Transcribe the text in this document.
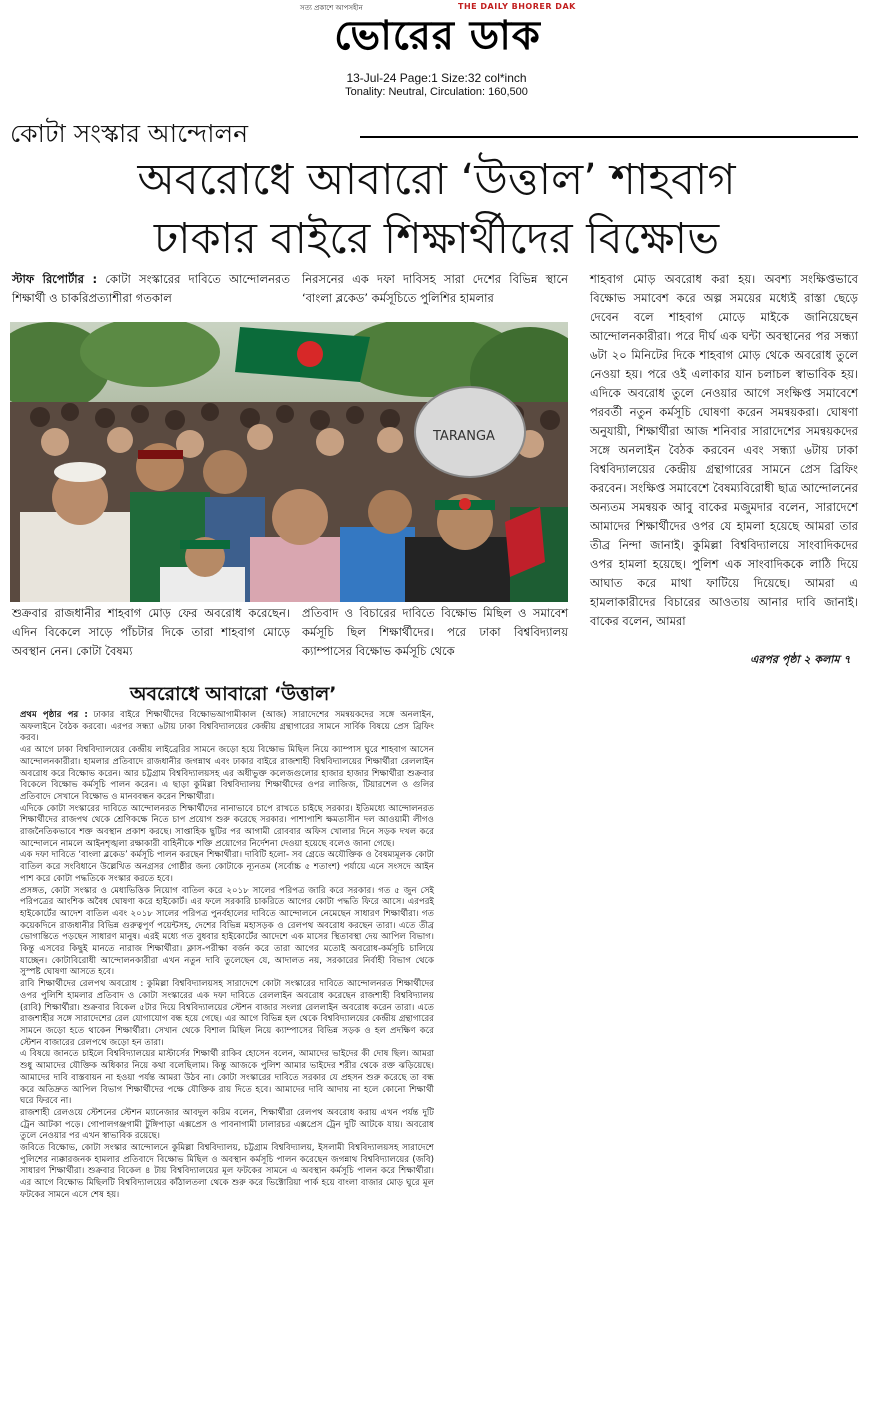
সত্য প্রকাশে আপসহীন	THE DAILY BHORER DAK
ভোরের ডাক
13-Jul-24 Page:1 Size:32 col*inch
Tonality: Neutral, Circulation: 160,500
কোটা সংস্কার আন্দোলন
অবরোধে আবারো ‘উত্তাল’ শাহবাগ
ঢাকার বাইরে শিক্ষার্থীদের বিক্ষোভ
স্টাফ রিপোর্টার : কোটা সংস্কারের দাবিতে আন্দোলনরত শিক্ষার্থী ও চাকরিপ্রত্যাশীরা গতকাল
নিরসনের এক দফা দাবিসহ সারা দেশের বিভিন্ন স্থানে ‘বাংলা ব্লকেড’ কর্মসূচিতে পুলিশির হামলার
TARANGA
শাহবাগ মোড় অবরোধ করা হয়। অবশ্য সংক্ষিপ্তভাবে বিক্ষোভ সমাবেশ করে অল্প সময়ের মধ্যেই রাস্তা ছেড়ে দেবেন বলে শাহবাগ মোড়ে মাইকে জানিয়েছেন আন্দোলনকারীরা। পরে দীর্ঘ এক ঘন্টা অবস্থানের পর সন্ধ্যা ৬টা ২০ মিনিটের দিকে শাহবাগ মোড় থেকে অবরোধ তুলে নেওয়া হয়। পরে ওই এলাকার যান চলাচল স্বাভাবিক হয়। এদিকে অবরোধ তুলে নেওয়ার আগে সংক্ষিপ্ত সমাবেশে পরবর্তী নতুন কর্মসূচি ঘোষণা করেন সমন্বয়করা। ঘোষণা অনুযায়ী, শিক্ষার্থীরা আজ শনিবার সারাদেশের সমন্বয়কদের সঙ্গে অনলাইন বৈঠক করবেন এবং সন্ধ্যা ৬টায় ঢাকা বিশ্ববিদ্যালয়ের কেন্দ্রীয় গ্রন্থাগারের সামনে প্রেস ব্রিফিং করবেন। সংক্ষিপ্ত সমাবেশে বৈষম্যবিরোধী ছাত্র আন্দোলনের অন্যতম সমন্বয়ক আবু বাকের মজুমদার বলেন, সারাদেশে আমাদের শিক্ষার্থীদের ওপর যে হামলা হয়েছে আমরা তার তীব্র নিন্দা জানাই। কুমিল্লা বিশ্ববিদ্যালয়ে সাংবাদিকদের ওপর হামলা হয়েছে। পুলিশ এক সাংবাদিককে লাঠি দিয়ে আঘাত করে মাথা ফাটিয়ে দিয়েছে। আমরা এ হামলাকারীদের বিচারের আওতায় আনার দাবি জানাই। বাকের বলেন, আমরা
শুক্রবার রাজধানীর শাহবাগ মোড় ফের অবরোধ করেছেন। এদিন বিকেলে সাড়ে পাঁচটার দিকে তারা শাহবাগ মোড়ে অবস্থান নেন। কোটা বৈষম্য
প্রতিবাদ ও বিচারের দাবিতে বিক্ষোভ মিছিল ও সমাবেশ কর্মসূচি ছিল শিক্ষার্থীদের। পরে ঢাকা বিশ্ববিদ্যালয় ক্যাম্পাসের বিক্ষোভ কর্মসূচি থেকে
এরপর পৃষ্ঠা ২ কলাম ৭
অবরোধে আবারো ‘উত্তাল’

প্রথম পৃষ্ঠার পর : ঢাকার বাইরে শিক্ষার্থীদের বিক্ষোভআগামীকাল (আজ) সারাদেশের সমন্বয়কদের সঙ্গে অনলাইন, অফলাইনে বৈঠক করবো। এরপর সন্ধ্যা ৬টায় ঢাকা বিশ্ববিদ্যালয়ের কেন্দ্রীয় গ্রন্থাগারের সামনে সার্বিক বিষয়ে প্রেস ব্রিফিং করব।

এর আগে ঢাকা বিশ্ববিদ্যালয়ের কেন্দ্রীয় লাইব্রেরির সামনে জড়ো হয়ে বিক্ষোভ মিছিল নিয়ে ক্যাম্পাস ঘুরে শাহবাগ আসেন আন্দোলনকারীরা। হামলার প্রতিবাদে রাজধানীর জগন্নাথ এবং ঢাকার বাইরে রাজশাহী বিশ্ববিদ্যালয়ের শিক্ষার্থীরা রেললাইন অবরোধ করে বিক্ষোভ করেন। আর চট্টগ্রাম বিশ্ববিদ্যালয়সহ এর অধীভুক্ত কলেজগুলোর হাজার হাজার শিক্ষার্থীরা শুক্রবার বিকেলে বিক্ষোভ কর্মসূচি পালন করেন। এ ছাড়া কুমিল্লা বিশ্ববিদ্যালয় শিক্ষার্থীদের ওপর লাজিজ, টিয়ারশেল ও গুলির প্রতিবাদে সেখানে বিক্ষোভ ও মানববন্ধন করেন শিক্ষার্থীরা।

এদিকে কোটা সংস্কারের দাবিতে আন্দোলনরত শিক্ষার্থীদের নানাভাবে চাপে রাখতে চাইছে সরকার। ইতিমধ্যে আন্দোলনরত শিক্ষার্থীদের রাজপথ থেকে শ্রেণিকক্ষে নিতে চাপ প্রয়োগ শুরু করেছে সরকার। পাশাপাশি ক্ষমতাসীন দল আওয়ামী লীগও রাজনৈতিকভাবে শক্ত অবস্থান প্রকাশ করছে। সাপ্তাহিক ছুটির পর আগামী রোববার অফিস খোলার দিনে সড়ক দখল করে আন্দোলনে নামলে আইনশৃঙ্খলা রক্ষাকারী বাহিনীকে শক্তি প্রয়োগের নির্দেশনা দেওয়া হয়েছে বলেও জানা গেছে।

এক দফা দাবিতে ‘বাংলা ব্লকেড’ কর্মসূচি পালন করছেন শিক্ষার্থীরা। দাবিটি হলো- সব গ্রেডে অযৌক্তিক ও বৈষম্যমূলক কোটা বাতিল করে সংবিধানে উল্লেখিত অনগ্রসর গোষ্ঠীর জন্য কোটাকে ন্যূনতম (সর্বোচ্চ ৫ শতাংশ) পর্যায়ে এনে সংসদে আইন পাশ করে কোটা পদ্ধতিকে সংস্কার করতে হবে।

প্রসঙ্গত, কোটা সংস্কার ও মেধাভিত্তিক নিয়োগ বাতিল করে ২০১৮ সালের পরিপত্র জারি করে সরকার। গত ৫ জুন সেই পরিপত্রের আংশিক অবৈধ ঘোষণা করে হাইকোর্ট। এর ফলে সরকারি চাকরিতে আগের কোটা পদ্ধতি ফিরে আসে। এরপরই হাইকোর্টের আদেশ বাতিল এবং ২০১৮ সালের পরিপত্র পুনর্বহালের দাবিতে আন্দোলনে নেমেছেন সাধারণ শিক্ষার্থীরা। গত কয়েকদিনে রাজধানীর বিভিন্ন গুরুত্বপূর্ণ পয়েন্টসহ, দেশের বিভিন্ন মহাসড়ক ও রেলপথ অবরোধ করছেন তারা। এতে তীব্র ভোগান্তিতে পড়ছেন সাধারণ মানুষ। এরই মধ্যে গত বুধবার হাইকোর্টের আদেশে এক মাসের স্থিতাবস্থা দেয় আপিল বিভাগ। কিন্তু এসবের কিছুই মানতে নারাজ শিক্ষার্থীরা। ক্লাস-পরীক্ষা বর্জন করে তারা আগের মতোই অবরোধ-কর্মসূচি চালিয়ে যাচ্ছেন। কোটাবিরোধী আন্দোলনকারীরা এখন নতুন দাবি তুলেছেন যে, আদালত নয়, সরকারের নির্বাহী বিভাগ থেকে সুস্পষ্ট ঘোষণা আসতে হবে।

রাবি শিক্ষার্থীদের রেলপথ অবরোধ : কুমিল্লা বিশ্ববিদ্যালয়সহ সারাদেশে কোটা সংস্কারের দাবিতে আন্দোলনরত শিক্ষার্থীদের ওপর পুলিশি হামলার প্রতিবাদ ও কোটা সংস্কারের এক দফা দাবিতে রেললাইন অবরোধ করেছেন রাজশাহী বিশ্ববিদ্যালয় (রাবি) শিক্ষার্থীরা। শুক্রবার বিকেল ৫টার দিয়ে বিশ্ববিদ্যালয়ের স্টেশন বাজার সংলগ্ন রেললাইন অবরোধ করেন তারা। এতে রাজশাহীর সঙ্গে সারাদেশের রেল যোগাযোগ বন্ধ হয়ে গেছে। এর আগে বিভিন্ন হল থেকে বিশ্ববিদ্যালয়ের কেন্দ্রীয় গ্রন্থাগারের সামনে জড়ো হতে থাকেন শিক্ষার্থীরা। সেখান থেকে বিশাল মিছিল নিয়ে ক্যাম্পাসের বিভিন্ন সড়ক ও হল প্রদক্ষিণ করে স্টেশন বাজারের রেলপথে জড়ো হন তারা।

এ বিষয়ে জানতে চাইলে বিশ্ববিদ্যালয়ের মাস্টার্সের শিক্ষার্থী রাকিব হোসেন বলেন, আমাদের ভাইদের কী দোষ ছিল। আমরা শুধু আমাদের যৌক্তিক অধিকার নিয়ে কথা বলেছিলাম। কিন্তু আজকে পুলিশ আমার ভাইদের শরীর থেকে রক্ত ঝড়িয়েছে। আমাদের দাবি বাস্তবায়ন না হওয়া পর্যন্ত আমরা উঠব না। কোটা সংস্কারের দাবিতে সরকার যে প্রহসন শুরু করেছে তা বন্ধ করে অতিদ্রুত আপিল বিভাগ শিক্ষার্থীদের পক্ষে যৌক্তিক রায় দিতে হবে। আমাদের দাবি আদায় না হলে কোনো শিক্ষার্থী ঘরে ফিরবে না।

রাজশাহী রেলওয়ে স্টেশনের স্টেশন ম্যানেজার আবদুল করিম বলেন, শিক্ষার্থীরা রেলপথ অবরোধ করায় এখন পর্যন্ত দুটি ট্রেন আটকা পড়ে। গোপালগঞ্জগামী টুঙ্গিপাড়া এক্সপ্রেস ও পাবনাগামী ঢালারচর এক্সপ্রেস ট্রেন দুটি আটকে যায়। অবরোধ তুলে নেওয়ার পর এখন স্বাভাবিক রয়েছে।

জবিতে বিক্ষোভ, কোটা সংস্কার আন্দোলনে কুমিল্লা বিশ্ববিদ্যালয়, চট্টগ্রাম বিশ্ববিদ্যালয়, ইসলামী বিশ্ববিদ্যালয়সহ সারাদেশে পুলিশের ন্যক্কারজনক হামলার প্রতিবাদে বিক্ষোভ মিছিল ও অবস্থান কর্মসূচি পালন করেছেন জগন্নাথ বিশ্ববিদ্যালয়ের (জবি) সাধারণ শিক্ষার্থীরা। শুক্রবার বিকেল ৪ টায় বিশ্ববিদ্যালয়ের মূল ফটকের সামনে এ অবস্থান কর্মসূচি পালন করে শিক্ষার্থীরা। এর আগে বিক্ষোভ মিছিলটি বিশ্ববিদ্যালয়ের কাঁঠালতলা থেকে শুরু করে ভিক্টোরিয়া পার্ক হয়ে বাংলা বাজার মোড় ঘুরে মূল ফটকের সামনে এসে শেষ হয়।
